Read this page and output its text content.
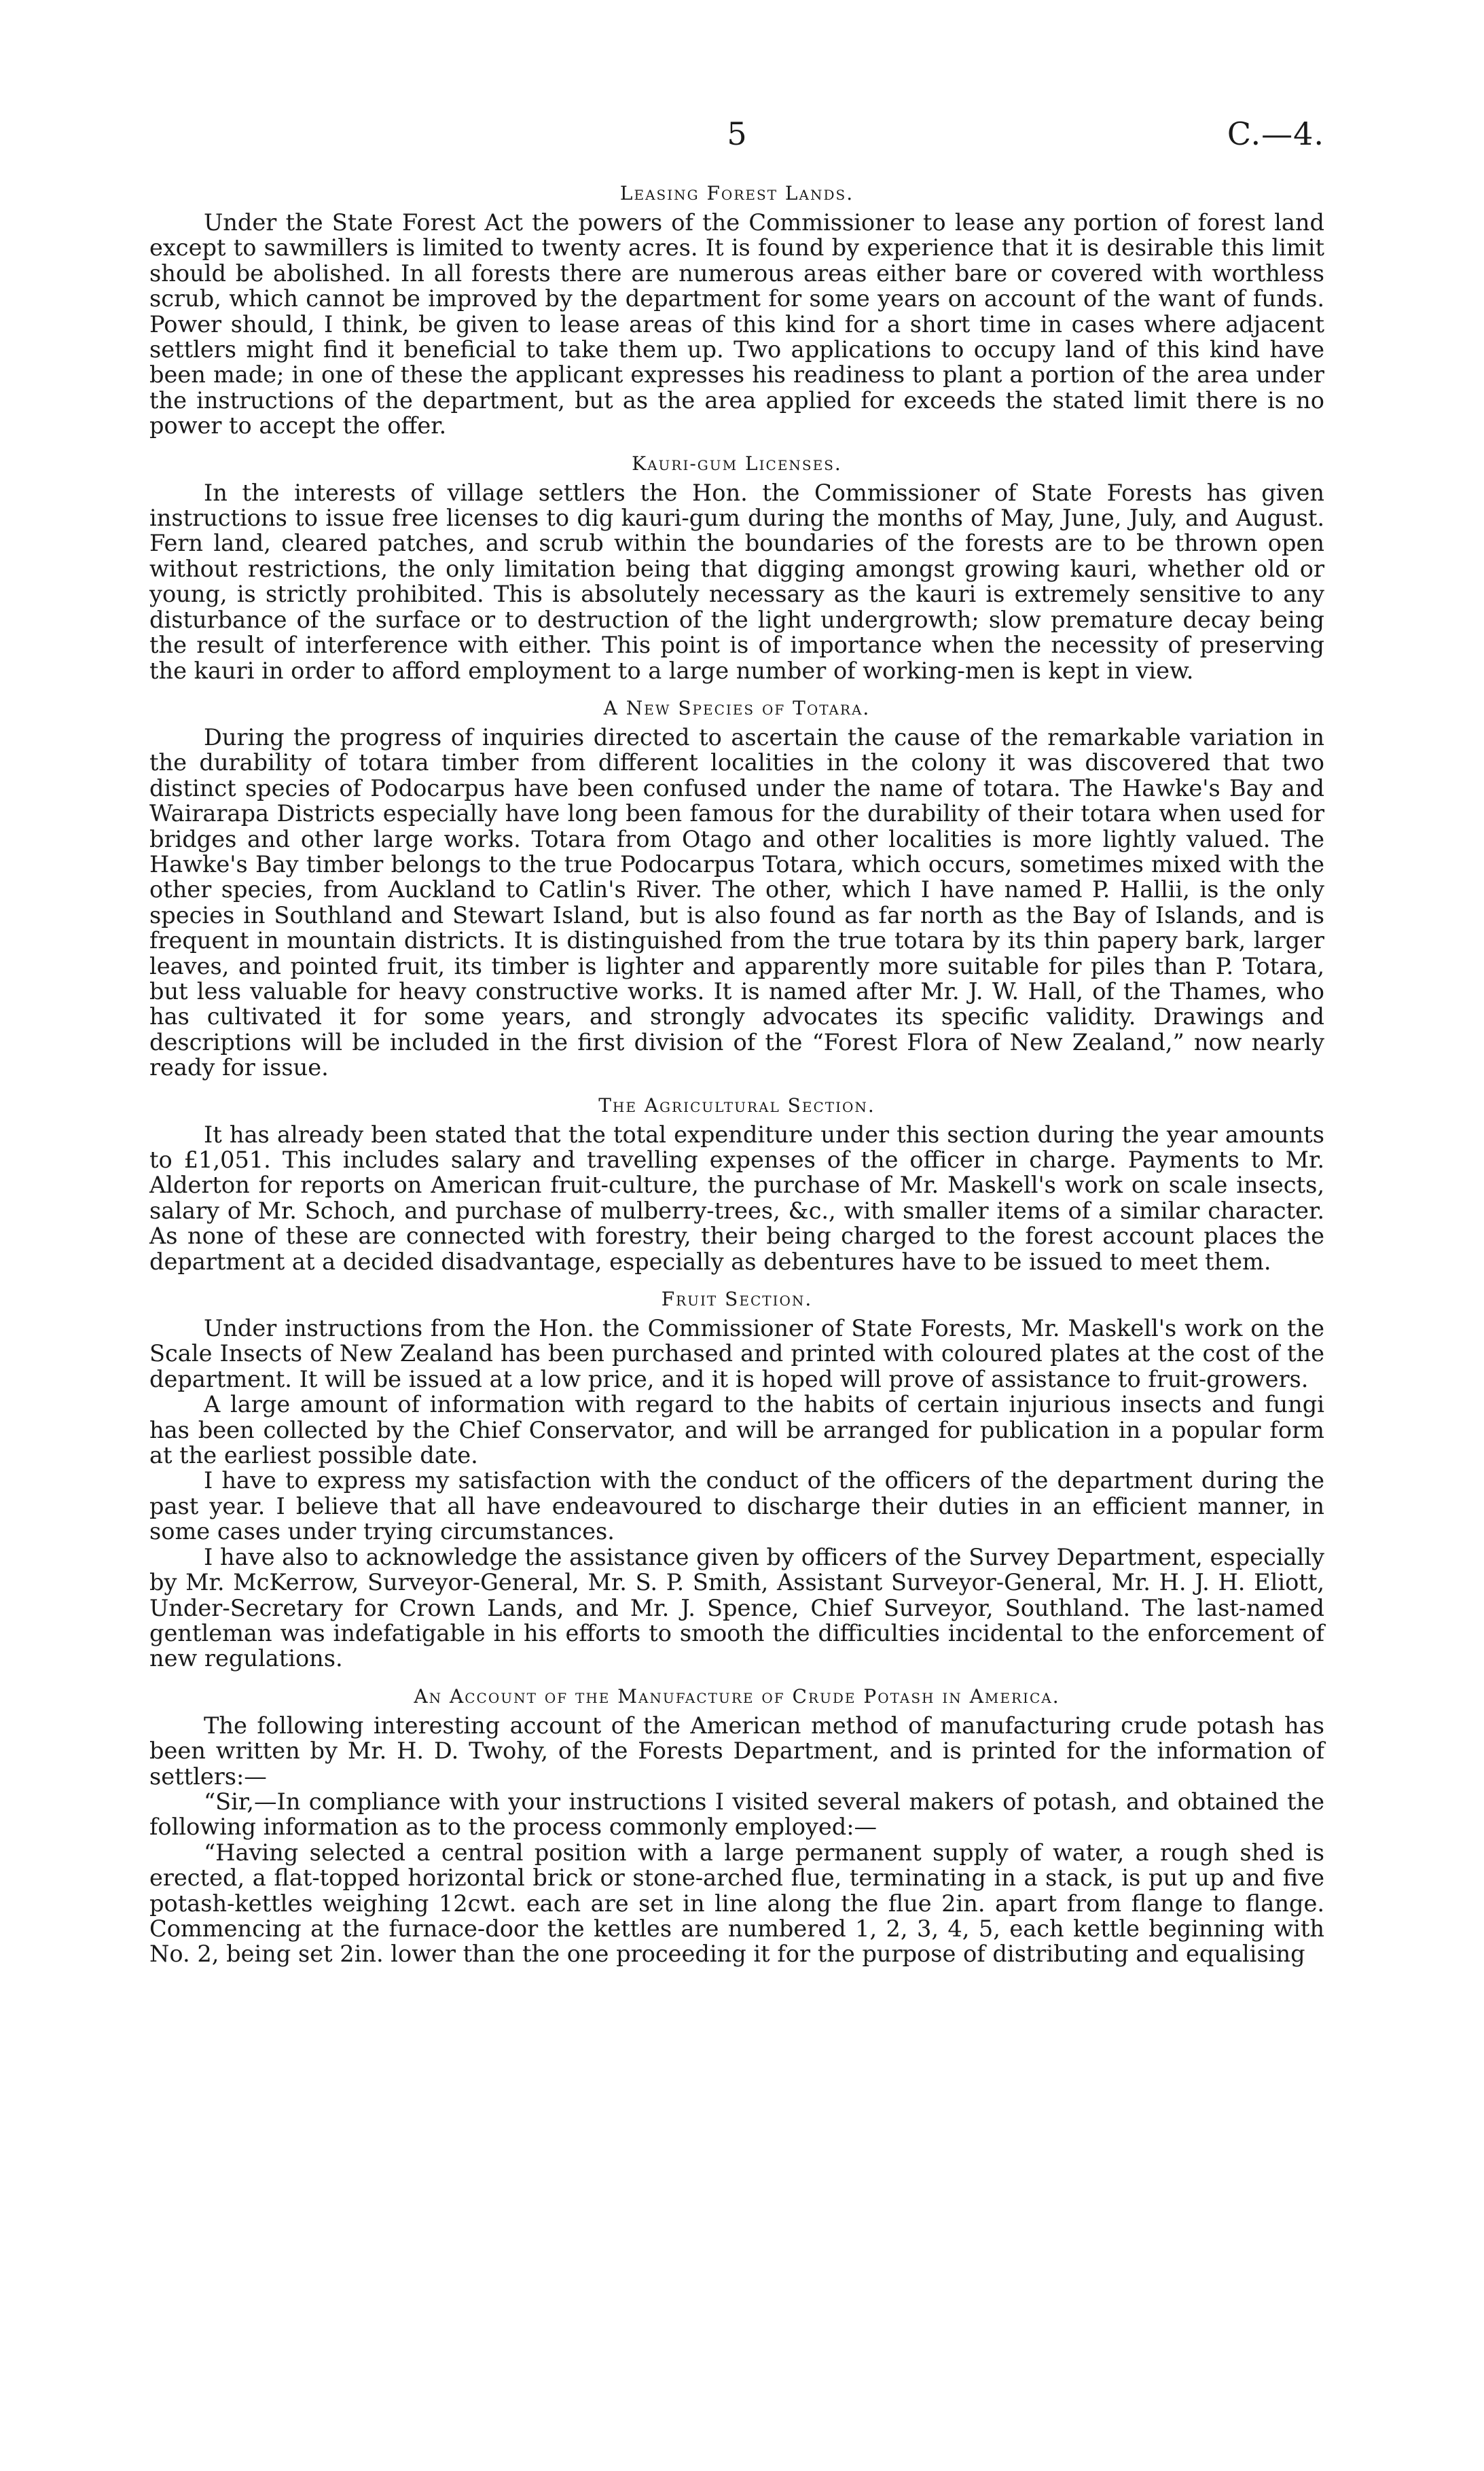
5	C.—4.
Leasing Forest Lands.

Under the State Forest Act the powers of the Commissioner to lease any portion of forest land except to sawmillers is limited to twenty acres. It is found by experience that it is desirable this limit should be abolished. In all forests there are numerous areas either bare or covered with worthless scrub, which cannot be improved by the department for some years on account of the want of funds. Power should, I think, be given to lease areas of this kind for a short time in cases where adjacent settlers might find it beneficial to take them up. Two applications to occupy land of this kind have been made; in one of these the applicant expresses his readiness to plant a portion of the area under the instructions of the department, but as the area applied for exceeds the stated limit there is no power to accept the offer.

Kauri-gum Licenses.

In the interests of village settlers the Hon. the Commissioner of State Forests has given instructions to issue free licenses to dig kauri-gum during the months of May, June, July, and August. Fern land, cleared patches, and scrub within the boundaries of the forests are to be thrown open without restrictions, the only limitation being that digging amongst growing kauri, whether old or young, is strictly prohibited. This is absolutely necessary as the kauri is extremely sensitive to any disturbance of the surface or to destruction of the light undergrowth; slow premature decay being the result of interference with either. This point is of importance when the necessity of preserving the kauri in order to afford employment to a large number of working-men is kept in view.

A New Species of Totara.

During the progress of inquiries directed to ascertain the cause of the remarkable variation in the durability of totara timber from different localities in the colony it was discovered that two distinct species of Podocarpus have been confused under the name of totara. The Hawke's Bay and Wairarapa Districts especially have long been famous for the durability of their totara when used for bridges and other large works. Totara from Otago and other localities is more lightly valued. The Hawke's Bay timber belongs to the true Podocarpus Totara, which occurs, sometimes mixed with the other species, from Auckland to Catlin's River. The other, which I have named P. Hallii, is the only species in Southland and Stewart Island, but is also found as far north as the Bay of Islands, and is frequent in mountain districts. It is distinguished from the true totara by its thin papery bark, larger leaves, and pointed fruit, its timber is lighter and apparently more suitable for piles than P. Totara, but less valuable for heavy constructive works. It is named after Mr. J. W. Hall, of the Thames, who has cultivated it for some years, and strongly advocates its specific validity. Drawings and descriptions will be included in the first division of the “Forest Flora of New Zealand,” now nearly ready for issue.

The Agricultural Section.

It has already been stated that the total expenditure under this section during the year amounts to £1,051. This includes salary and travelling expenses of the officer in charge. Payments to Mr. Alderton for reports on American fruit-culture, the purchase of Mr. Maskell's work on scale insects, salary of Mr. Schoch, and purchase of mulberry-trees, &c., with smaller items of a similar character. As none of these are connected with forestry, their being charged to the forest account places the department at a decided disadvantage, especially as debentures have to be issued to meet them.

Fruit Section.

Under instructions from the Hon. the Commissioner of State Forests, Mr. Maskell's work on the Scale Insects of New Zealand has been purchased and printed with coloured plates at the cost of the department. It will be issued at a low price, and it is hoped will prove of assistance to fruit-growers.

A large amount of information with regard to the habits of certain injurious insects and fungi has been collected by the Chief Conservator, and will be arranged for publication in a popular form at the earliest possible date.

I have to express my satisfaction with the conduct of the officers of the department during the past year. I believe that all have endeavoured to discharge their duties in an efficient manner, in some cases under trying circumstances.

I have also to acknowledge the assistance given by officers of the Survey Department, especially by Mr. McKerrow, Surveyor-General, Mr. S. P. Smith, Assistant Surveyor-General, Mr. H. J. H. Eliott, Under-Secretary for Crown Lands, and Mr. J. Spence, Chief Surveyor, Southland. The last-named gentleman was indefatigable in his efforts to smooth the difficulties incidental to the enforcement of new regulations.

An Account of the Manufacture of Crude Potash in America.

The following interesting account of the American method of manufacturing crude potash has been written by Mr. H. D. Twohy, of the Forests Department, and is printed for the information of settlers:—

“Sir,—In compliance with your instructions I visited several makers of potash, and obtained the following information as to the process commonly employed:—

“Having selected a central position with a large permanent supply of water, a rough shed is erected, a flat-topped horizontal brick or stone-arched flue, terminating in a stack, is put up and five potash-kettles weighing 12cwt. each are set in line along the flue 2in. apart from flange to flange. Commencing at the furnace-door the kettles are numbered 1, 2, 3, 4, 5, each kettle beginning with No. 2, being set 2in. lower than the one proceeding it for the purpose of distributing and equalising
